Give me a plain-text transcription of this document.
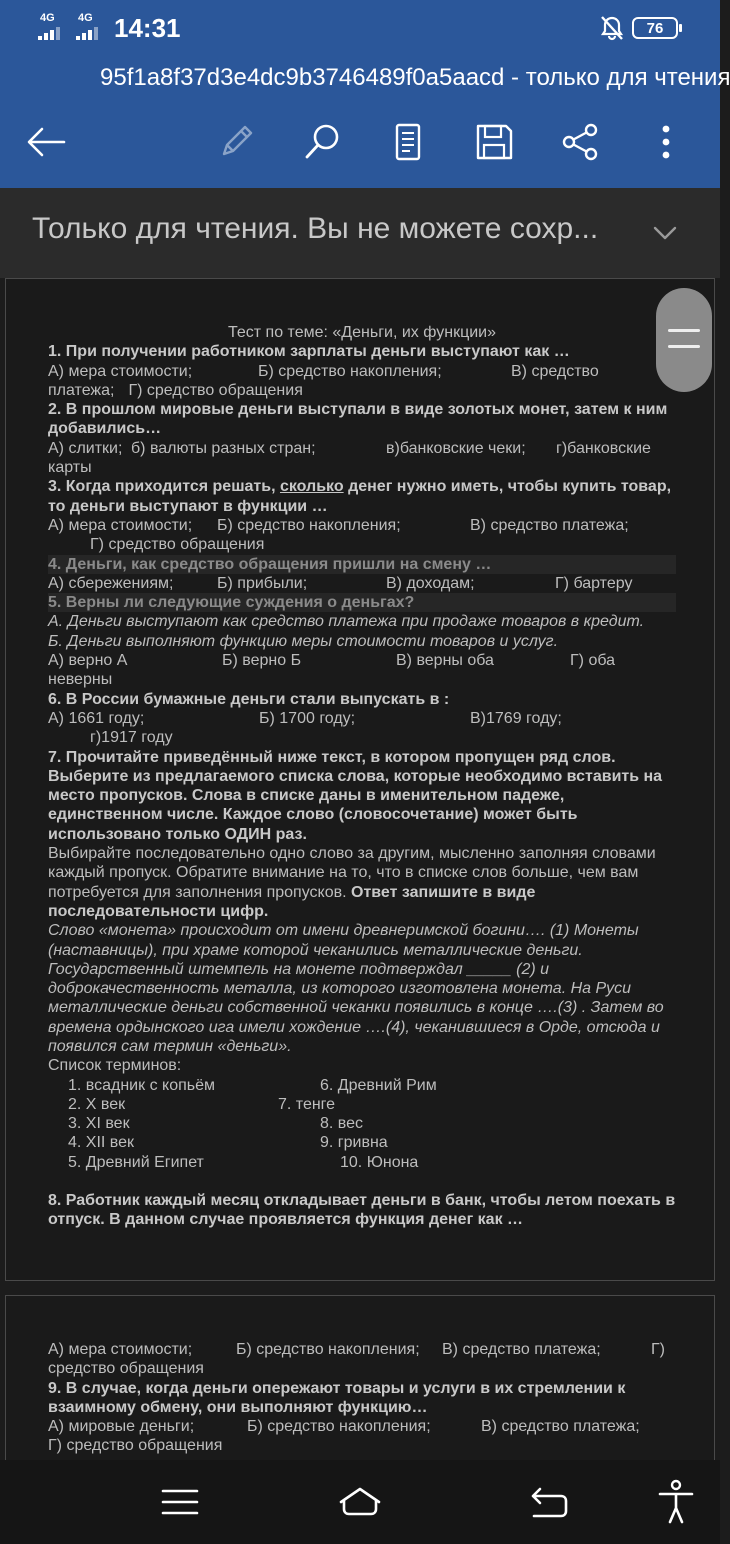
4G 4G 14:31	76
95f1a8f37d3e4dc9b3746489f0a5aacd - только для чтения
Только для чтения. Вы не можете сохр...

Тест по теме: «Деньги, их функции»

1. При получении работником зарплаты деньги выступают как …

А) мера стоимости;	Б) средство накопления;	В) средство
платежа; Г) средство обращения

2. В прошлом мировые деньги выступали в виде золотых монет, затем к ним добавились…

А) слитки; б) валюты разных стран;	в)банковские чеки;	г)банковские

карты

3. Когда приходится решать, сколько денег нужно иметь, чтобы купить товар, то деньги выступают в функции …

А) мера стоимости;	Б) средство накопления;	В) средство платежа;

Г) средство обращения

4. Деньги, как средство обращения пришли на смену …

А) сбережениям;	Б) прибыли;	В) доходам;	Г) бартеру

5. Верны ли следующие суждения о деньгах?

А. Деньги выступают как средство платежа при продаже товаров в кредит.

Б. Деньги выполняют функцию меры стоимости товаров и услуг.

А) верно А	Б) верно Б	В) верны оба	Г) оба

неверны

6. В России бумажные деньги стали выпускать в :

А) 1661 году;	Б) 1700 году;	В)1769 году;

г)1917 году

7. Прочитайте приведённый ниже текст, в котором пропущен ряд слов. Выберите из предлагаемого списка слова, которые необходимо вставить на место пропусков. Слова в списке даны в именительном падеже, единственном числе. Каждое слово (словосочетание) может быть использовано только ОДИН раз.

Выбирайте последовательно одно слово за другим, мысленно заполняя словами каждый пропуск. Обратите внимание на то, что в списке слов больше, чем вам потребуется для заполнения пропусков. Ответ запишите в виде последовательности цифр.

Слово «монета» происходит от имени древнеримской богини…. (1) Монеты (наставницы), при храме которой чеканились металлические деньги. Государственный штемпель на монете подтверждал _____ (2) и доброкачественность металла, из которого изготовлена монета. На Руси металлические деньги собственной чеканки появились в конце ….(3) . Затем во времена ордынского ига имели хождение ….(4), чеканившиеся в Орде, отсюда и появился сам термин «деньги».

Список терминов:

1. всадник с копьём	6. Древний Рим
2. Х век	7. тенге
3. XI век	8. вес
4. XII век	9. гривна
5. Древний Египет	10. Юнона

8. Работник каждый месяц откладывает деньги в банк, чтобы летом поехать в отпуск. В данном случае проявляется функция денег как …

А) мера стоимости;	Б) средство накопления;	В) средство платежа;	Г)

средство обращения

9. В случае, когда деньги опережают товары и услуги в их стремлении к взаимному обмену, они выполняют функцию…

А) мировые деньги;	Б) средство накопления;	В) средство платежа;

Г) средство обращения
